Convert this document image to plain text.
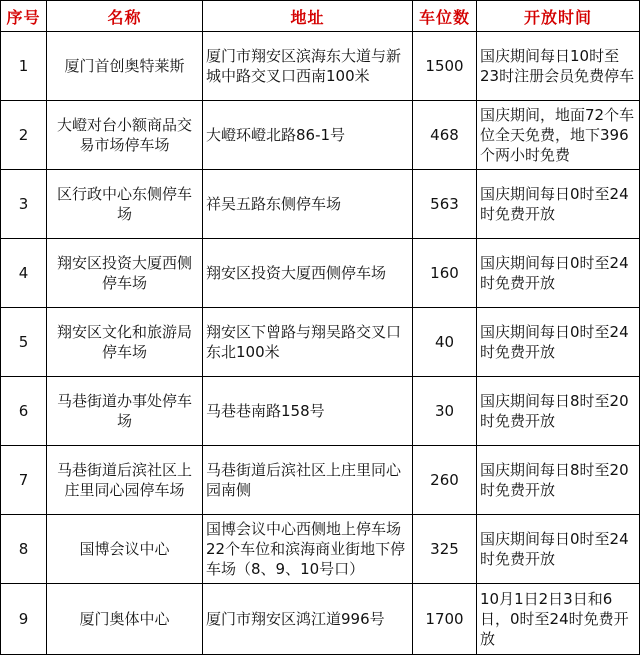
序号	名称	地址	车位数	开放时间
1	厦门首创奥特莱斯	厦门市翔安区滨海东大道与新城中路交叉口西南100米	1500	国庆期间每日10时至23时注册会员免费停车
2	大嶝对台小额商品交易市场停车场	大嶝环嶝北路86-1号	468	国庆期间，地面72个车位全天免费，地下396个两小时免费
3	区行政中心东侧停车场	祥吴五路东侧停车场	563	国庆期间每日0时至24时免费开放
4	翔安区投资大厦西侧停车场	翔安区投资大厦西侧停车场	160	国庆期间每日0时至24时免费开放
5	翔安区文化和旅游局停车场	翔安区下曾路与翔吴路交叉口东北100米	40	国庆期间每日0时至24时免费开放
6	马巷街道办事处停车场	马巷巷南路158号	30	国庆期间每日8时至20时免费开放
7	马巷街道后滨社区上庄里同心园停车场	马巷街道后滨社区上庄里同心园南侧	260	国庆期间每日8时至20时免费开放
8	国博会议中心	国博会议中心西侧地上停车场22个车位和滨海商业街地下停车场（8、9、10号口）	325	国庆期间每日0时至24时免费开放
9	厦门奥体中心	厦门市翔安区鸿江道996号	1700	10月1日2日3日和6日，0时至24时免费开放
